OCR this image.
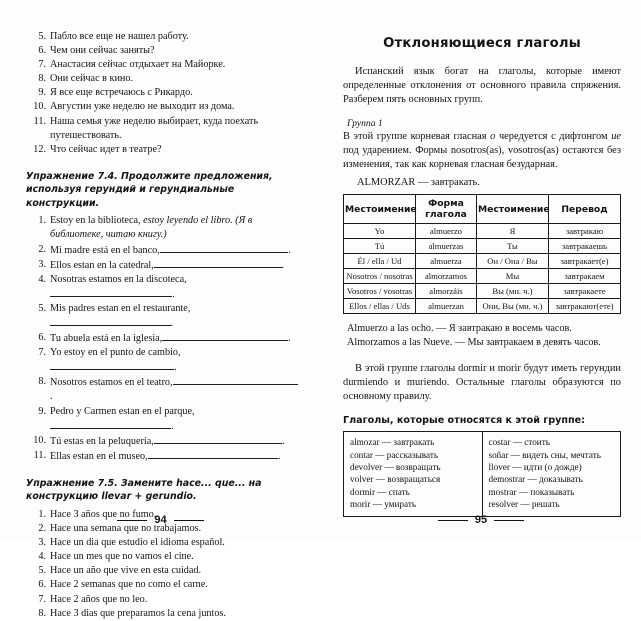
5. Пабло все еще не нашел работу.
6. Чем они сейчас заняты?
7. Анастасия сейчас отдыхает на Майорке.
8. Они сейчас в кино.
9. Я все еще встречаюсь с Рикардо.
10. Августин уже неделю не выходит из дома.
11. Наша семья уже неделю выбирает, куда поехать путешествовать.
12. Что сейчас идет в театре?
Упражнение 7.4. Продолжите предложения, используя герундий и герундиальные конструкции.
1. Estoy en la biblioteca, estoy leyendo el libro. (Я в библиотеке, читаю книгу.)
2. Mi madre está en el banco,	.
3. Ellos estan en la catedral,	.
4. Nosotras estamos en la discoteca,.
5. Mis padres estan en el restaurante,.
6. Tu abuela está en la iglesia,	.
7. Yo estoy en el punto de cambio,.
8. Nosotros estamos en el teatro,.
9. Pedro y Carmen estan en el parque,.
10. Tú estas en la peluquería,	.
11. Ellas estan en el museo,	.
Упражнение 7.5. Замените hace... que... на конструкцию llevar + gerundio.
1. Hace 3 años que no fumo.
2. Hace una semana que no trabajamos.
3. Hace un dia que estudio el idioma español.
4. Hace un mes que no vamos el cine.
5. Hace un año que vive en esta cuidad.
6. Hace 2 semanas que no como el carne.
7. Hace 2 años que no leo.
8. Hace 3 dias que preparamos la cena juntos.
94
Отклоняющиеся глаголы

Испанский язык богат на глаголы, которые имеют определенные отклонения от основного правила спряжения. Разберем пять основных групп.

Группа 1

В этой группе корневая гласная o чередуется с дифтонгом ue под ударением. Формы nosotros(as), vosotros(as) остаются без изменения, так как корневая гласная безударная.

ALMORZAR — завтракать.
Местоимение	Форма глагола	Местоимение	Перевод
Yo	almuerzo	Я	завтракаю
Tú	almuerzas	Ты	завтракаешь
Él / ella / Ud	almuerza	Он / Она / Вы	завтракает(е)
Nosotros / nosotras	almorzamos	Мы	завтракаем
Vosotros / vosotras	almorzáis	Вы (мн. ч.)	завтракаете
Ellos / ellas / Uds	almuerzan	Они, Вы (мн. ч.)	завтракают(ете)
Almuerzo a las ocho. — Я завтракаю в восемь часов.
Almorzamos a las Nueve. — Мы завтракаем в девять часов.

В этой группе глаголы dormir и morir будут иметь герундии durmiendo и muriendo. Остальные глаголы образуются по основному правилу.

Глаголы, которые относятся к этой группе:
almozar — завтракать
contar — рассказывать
devolver — возвращать
volver — возвращаться
dormir — спать
morir — умирать

costar — стоить
soñar — видеть сны, мечтать
llover — идти (о дожде)
demostrar — доказывать
mostrar — показывать
resolver — решать
95
